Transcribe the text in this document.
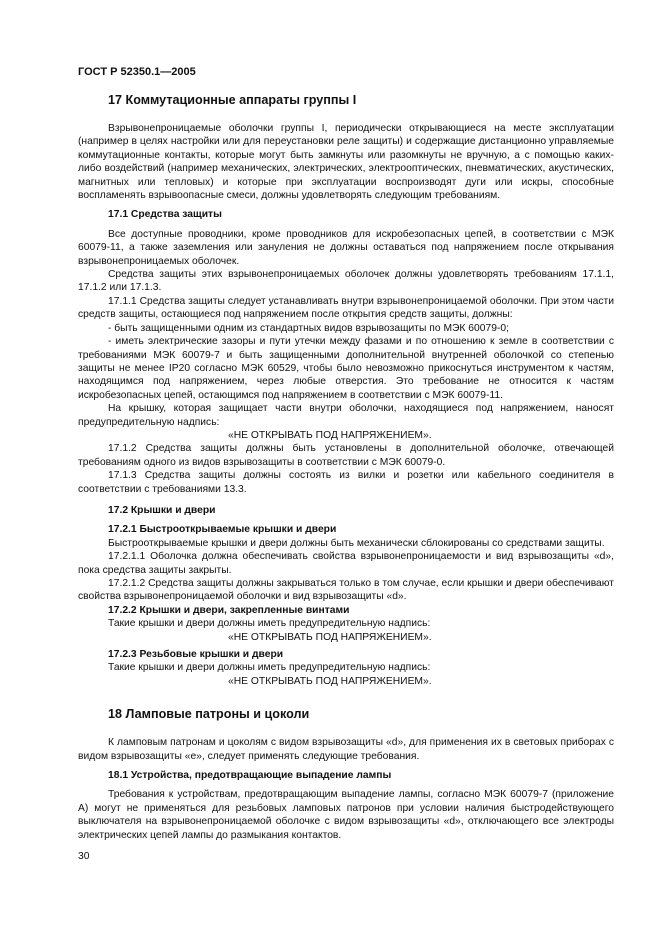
ГОСТ Р 52350.1—2005
17 Коммутационные аппараты группы I

Взрывонепроницаемые оболочки группы I, периодически открывающиеся на месте эксплуатации (например в целях настройки или для переустановки реле защиты) и содержащие дистанционно управляемые коммутационные контакты, которые могут быть замкнуты или разомкнуты не вручную, а с помощью каких-либо воздействий (например механических, электрических, электрооптических, пневматических, акустических, магнитных или тепловых) и которые при эксплуатации воспроизводят дуги или искры, способные воспламенять взрывоопасные смеси, должны удовлетворять следующим требованиям.

17.1 Средства защиты

Все доступные проводники, кроме проводников для искробезопасных цепей, в соответствии с МЭК 60079-11, а также заземления или зануления не должны оставаться под напряжением после открывания взрывонепроницаемых оболочек.

Средства защиты этих взрывонепроницаемых оболочек должны удовлетворять требованиям 17.1.1, 17.1.2 или 17.1.3.

17.1.1 Средства защиты следует устанавливать внутри взрывонепроницаемой оболочки. При этом части средств защиты, остающиеся под напряжением после открытия средств защиты, должны:

- быть защищенными одним из стандартных видов взрывозащиты по МЭК 60079-0;

- иметь электрические зазоры и пути утечки между фазами и по отношению к земле в соответствии с требованиями МЭК 60079-7 и быть защищенными дополнительной внутренней оболочкой со степенью защиты не менее IP20 согласно МЭК 60529, чтобы было невозможно прикоснуться инструментом к частям, находящимся под напряжением, через любые отверстия. Это требование не относится к частям искробезопасных цепей, остающимся под напряжением в соответствии с МЭК 60079-11.

На крышку, которая защищает части внутри оболочки, находящиеся под напряжением, наносят предупредительную надпись:

«НЕ ОТКРЫВАТЬ ПОД НАПРЯЖЕНИЕМ».

17.1.2 Средства защиты должны быть установлены в дополнительной оболочке, отвечающей требованиям одного из видов взрывозащиты в соответствии с МЭК 60079-0.

17.1.3 Средства защиты должны состоять из вилки и розетки или кабельного соединителя в соответствии с требованиями 13.3.

17.2 Крышки и двери
17.2.1 Быстрооткрываемые крышки и двери

Быстрооткрываемые крышки и двери должны быть механически сблокированы со средствами защиты.

17.2.1.1 Оболочка должна обеспечивать свойства взрывонепроницаемости и вид взрывозащиты «d», пока средства защиты закрыты.

17.2.1.2 Средства защиты должны закрываться только в том случае, если крышки и двери обеспечивают свойства взрывонепроницаемой оболочки и вид взрывозащиты «d».

17.2.2 Крышки и двери, закрепленные винтами

Такие крышки и двери должны иметь предупредительную надпись:

«НЕ ОТКРЫВАТЬ ПОД НАПРЯЖЕНИЕМ».

17.2.3 Резьбовые крышки и двери

Такие крышки и двери должны иметь предупредительную надпись:

«НЕ ОТКРЫВАТЬ ПОД НАПРЯЖЕНИЕМ».

18 Ламповые патроны и цоколи

К ламповым патронам и цоколям с видом взрывозащиты «d», для применения их в световых приборах с видом взрывозащиты «е», следует применять следующие требования.

18.1 Устройства, предотвращающие выпадение лампы

Требования к устройствам, предотвращающим выпадение лампы, согласно МЭК 60079-7 (приложение А) могут не применяться для резьбовых ламповых патронов при условии наличия быстродействующего выключателя на взрывонепроницаемой оболочке с видом взрывозащиты «d», отключающего все электроды электрических цепей лампы до размыкания контактов.

30
